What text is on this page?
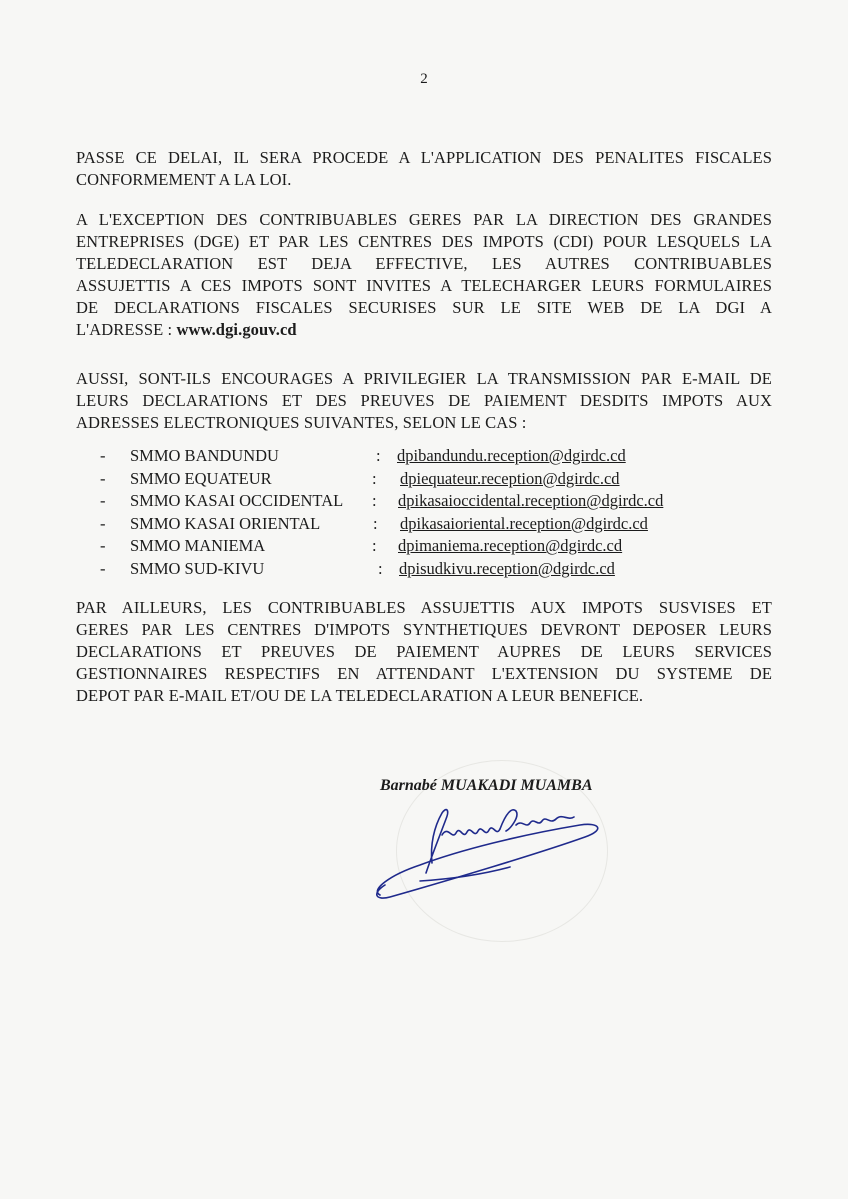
2
PASSE CE DELAI, IL SERA PROCEDE A L'APPLICATION DES PENALITES FISCALES
CONFORMEMENT A LA LOI.
A L'EXCEPTION DES CONTRIBUABLES GERES PAR LA DIRECTION DES GRANDES
ENTREPRISES (DGE) ET PAR LES CENTRES DES IMPOTS (CDI) POUR LESQUELS LA
TELEDECLARATION EST DEJA EFFECTIVE, LES AUTRES CONTRIBUABLES
ASSUJETTIS A CES IMPOTS SONT INVITES A TELECHARGER LEURS FORMULAIRES
DE DECLARATIONS FISCALES SECURISES SUR LE SITE WEB DE LA DGI A
L'ADRESSE : www.dgi.gouv.cd
AUSSI, SONT-ILS ENCOURAGES A PRIVILEGIER LA TRANSMISSION PAR E-MAIL DE
LEURS DECLARATIONS ET DES PREUVES DE PAIEMENT DESDITS IMPOTS AUX
ADRESSES ELECTRONIQUES SUIVANTES, SELON LE CAS :
- SMMO BANDUNDU	: dpibandundu.reception@dgirdc.cd
- SMMO EQUATEUR	: dpiequateur.reception@dgirdc.cd
- SMMO KASAI OCCIDENTAL : dpikasaioccidental.reception@dgirdc.cd
- SMMO KASAI ORIENTAL	: dpikasaioriental.reception@dgirdc.cd
- SMMO MANIEMA	: dpimaniema.reception@dgirdc.cd
- SMMO SUD-KIVU	: dpisudkivu.reception@dgirdc.cd
PAR AILLEURS, LES CONTRIBUABLES ASSUJETTIS AUX IMPOTS SUSVISES ET
GERES PAR LES CENTRES D'IMPOTS SYNTHETIQUES DEVRONT DEPOSER LEURS
DECLARATIONS ET PREUVES DE PAIEMENT AUPRES DE LEURS SERVICES
GESTIONNAIRES RESPECTIFS EN ATTENDANT L'EXTENSION DU SYSTEME DE
DEPOT PAR E-MAIL ET/OU DE LA TELEDECLARATION A LEUR BENEFICE.
Barnabé MUAKADI MUAMBA
